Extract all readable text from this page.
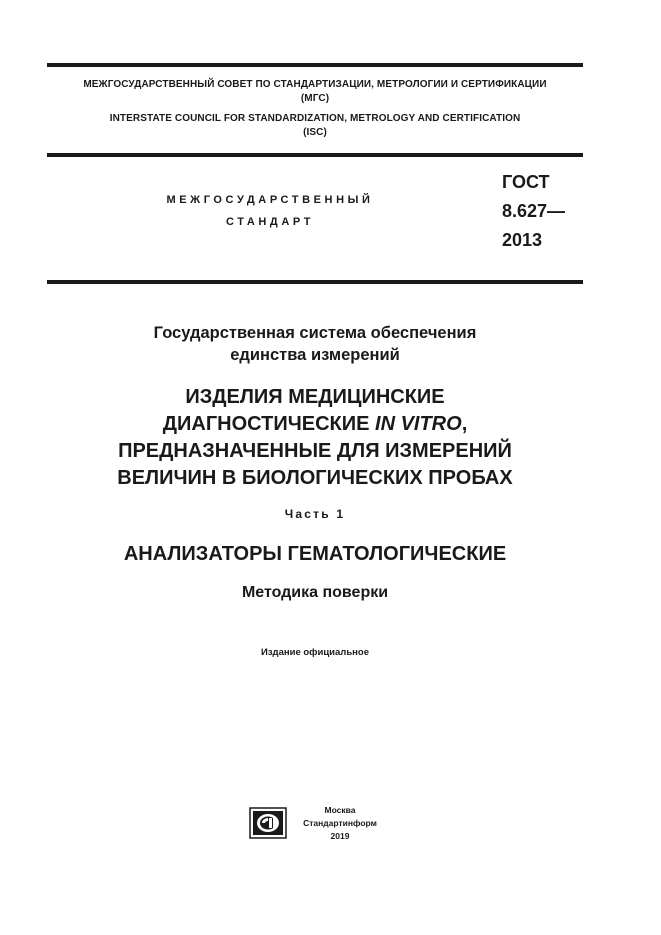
МЕЖГОСУДАРСТВЕННЫЙ СОВЕТ ПО СТАНДАРТИЗАЦИИ, МЕТРОЛОГИИ И СЕРТИФИКАЦИИ
(МГС)
INTERSTATE COUNCIL FOR STANDARDIZATION, METROLOGY AND CERTIFICATION
(ISC)
МЕЖГОСУДАРСТВЕННЫЙ
СТАНДАРТ
ГОСТ
8.627—
2013
Государственная система обеспечения
единства измерений
ИЗДЕЛИЯ МЕДИЦИНСКИЕ
ДИАГНОСТИЧЕСКИЕ IN VITRO,
ПРЕДНАЗНАЧЕННЫЕ ДЛЯ ИЗМЕРЕНИЙ
ВЕЛИЧИН В БИОЛОГИЧЕСКИХ ПРОБАХ
Часть 1
АНАЛИЗАТОРЫ ГЕМАТОЛОГИЧЕСКИЕ
Методика поверки
Издание официальное
Москва
Стандартинформ
2019
